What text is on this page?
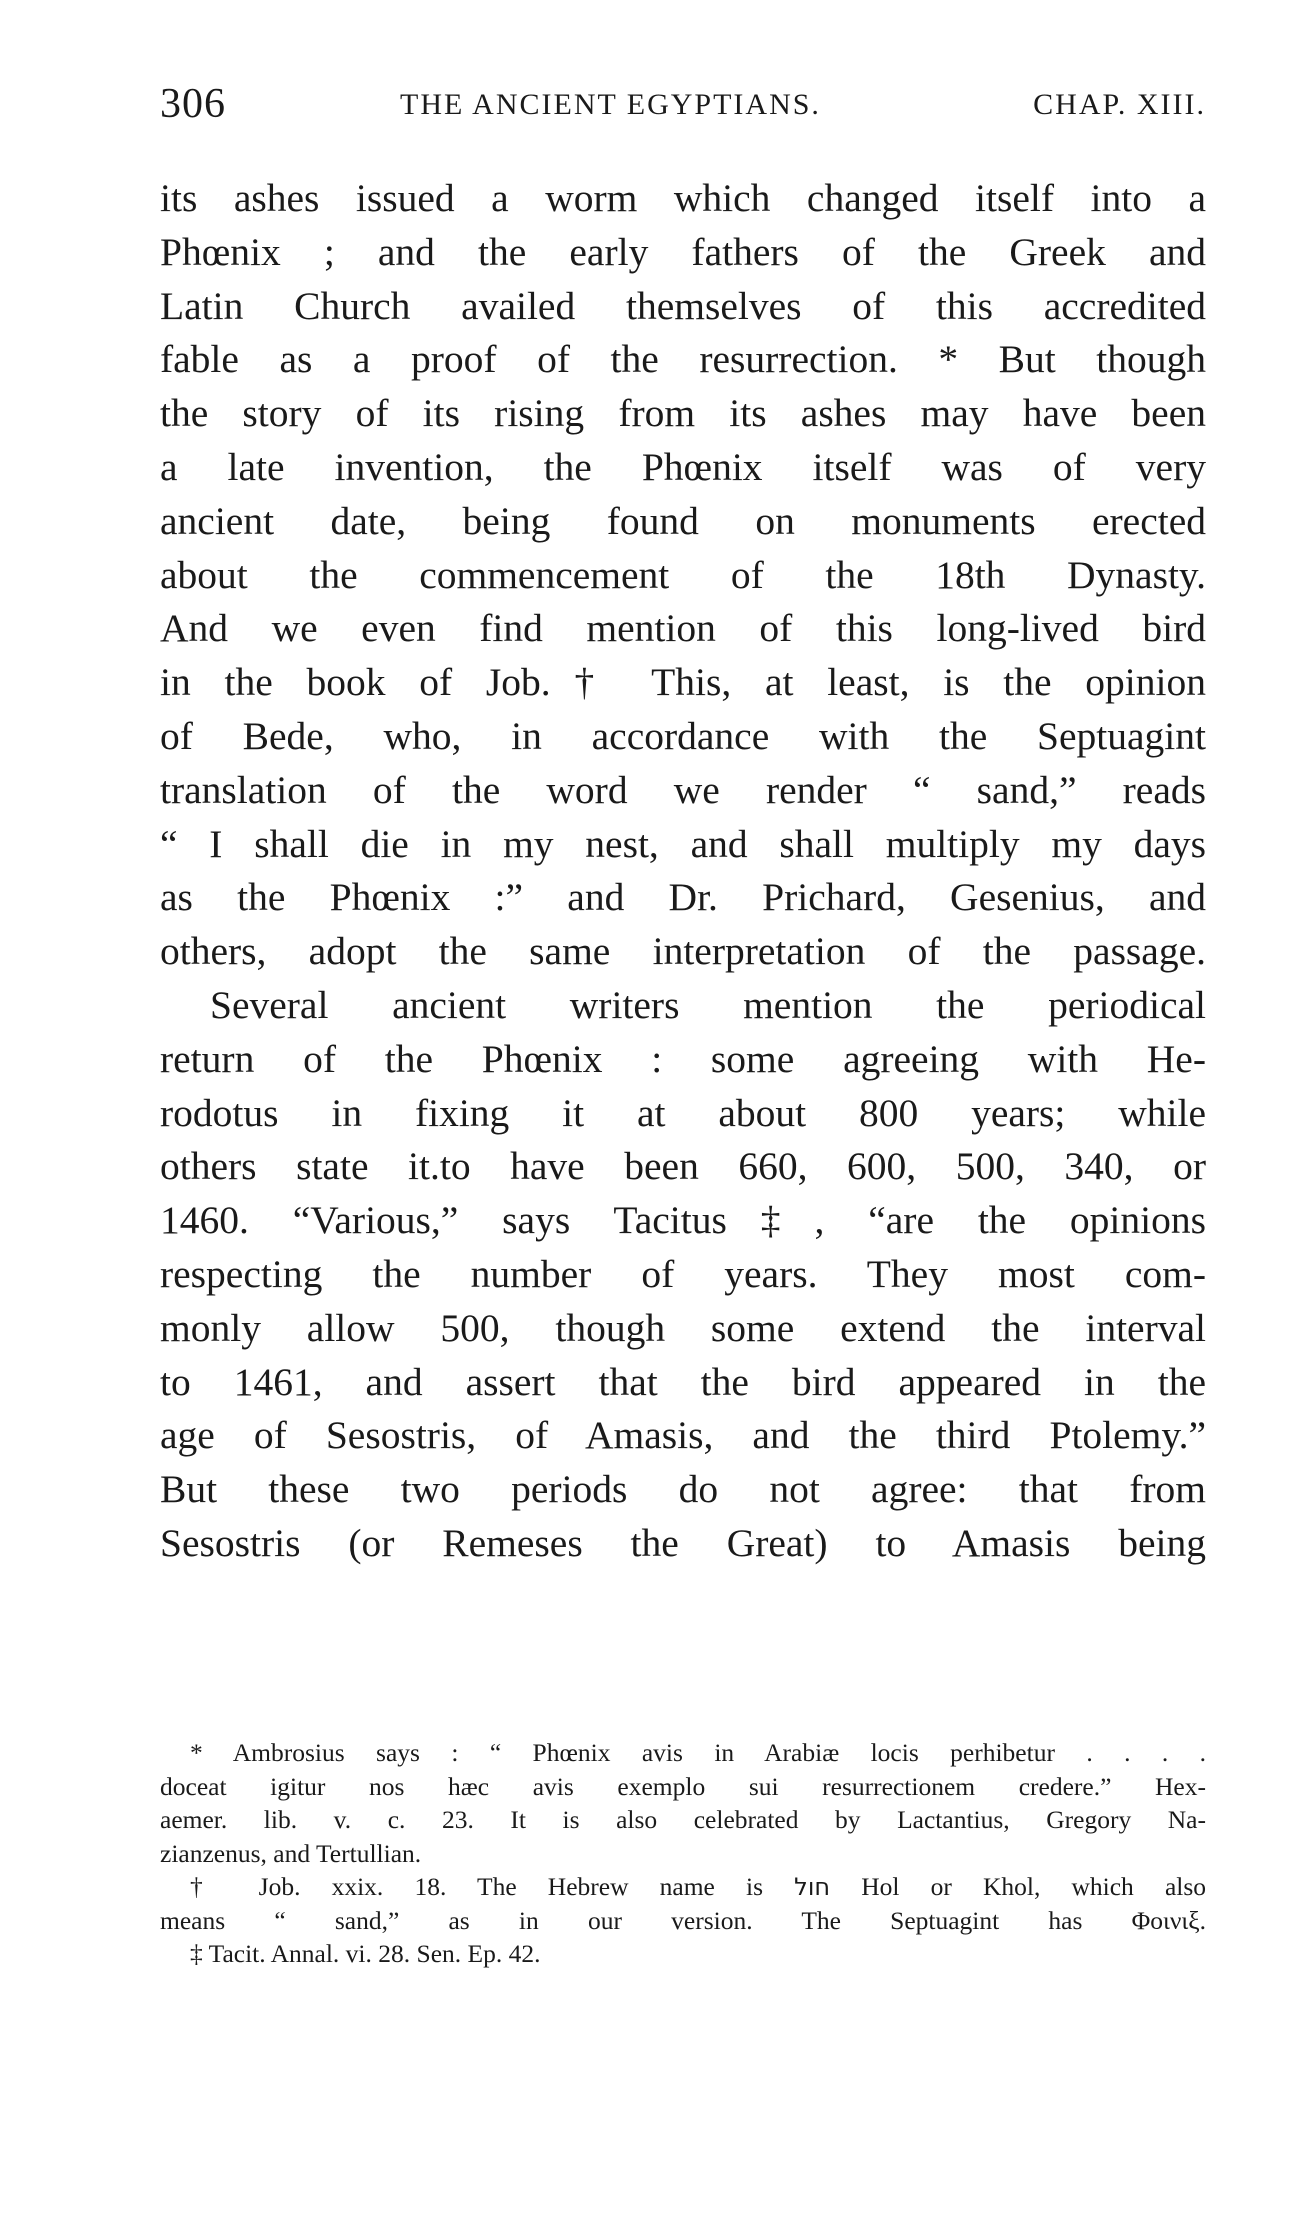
306	THE ANCIENT EGYPTIANS.	CHAP. XIII.
its ashes issued a worm which changed itself into a
Phœnix ; and the early fathers of the Greek and
Latin Church availed themselves of this accredited
fable as a proof of the resurrection. * But though
the story of its rising from its ashes may have been
a late invention, the Phœnix itself was of very
ancient date, being found on monuments erected
about the commencement of the 18th Dynasty.
And we even find mention of this long-lived bird
in the book of Job.† This, at least, is the opinion
of Bede, who, in accordance with the Septuagint
translation of the word we render “ sand,” reads
“ I shall die in my nest, and shall multiply my days
as the Phœnix :” and Dr. Prichard, Gesenius, and
others, adopt the same interpretation of the passage.
Several ancient writers mention the periodical
return of the Phœnix : some agreeing with He-
rodotus in fixing it at about 800 years; while
others state it.to have been 660, 600, 500, 340, or
1460. “Various,” says Tacitus‡, “are the opinions
respecting the number of years. They most com-
monly allow 500, though some extend the interval
to 1461, and assert that the bird appeared in the
age of Sesostris, of Amasis, and the third Ptolemy.”
But these two periods do not agree: that from
Sesostris (or Remeses the Great) to Amasis being
* Ambrosius says : “ Phœnix avis in Arabiæ locis perhibetur . . . .
doceat igitur nos hæc avis exemplo sui resurrectionem credere.” Hex-
aemer. lib. v. c. 23. It is also celebrated by Lactantius, Gregory Na-
zianzenus, and Tertullian.
† Job. xxix. 18. The Hebrew name is חול Hol or Khol, which also
means “ sand,” as in our version. The Septuagint has Φοινιξ.
‡ Tacit. Annal. vi. 28. Sen. Ep. 42.
